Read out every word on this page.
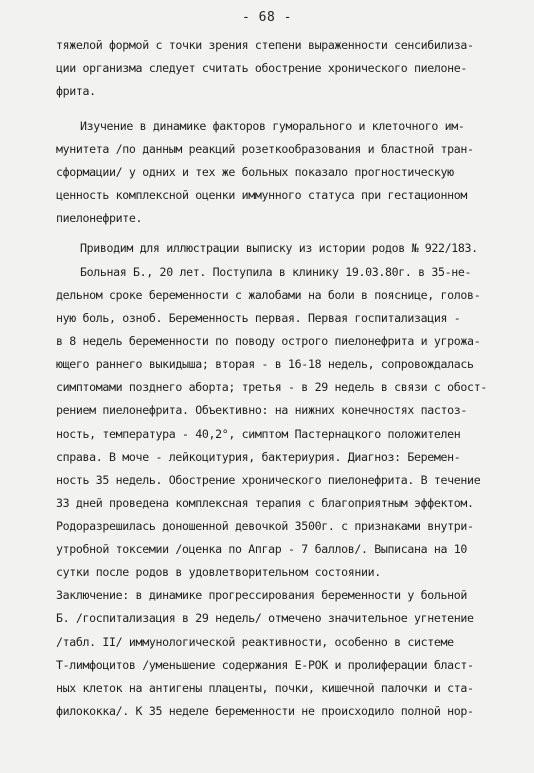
- 68 -
тяжелой формой с точки зрения степени выраженности сенсибилиза-
ции организма следует считать обострение хронического пиелоне-
фрита.
Изучение в динамике факторов гуморального и клеточного им-
мунитета /по данным реакций розеткообразования и бластной тран-
сформации/ у одних и тех же больных показало прогностическую
ценность комплексной оценки иммунного статуса при гестационном
пиелонефрите.
Приводим для иллюстрации выписку из истории родов № 922/183.
Больная Б., 20 лет. Поступила в клинику 19.03.80г. в 35-не-
дельном сроке беременности с жалобами на боли в пояснице, голов-
ную боль, озноб. Беременность первая. Первая госпитализация -
в 8 недель беременности по поводу острого пиелонефрита и угрожа-
ющего раннего выкидыша; вторая - в 16-18 недель, сопровождалась
симптомами позднего аборта; третья - в 29 недель в связи с обост-
рением пиелонефрита. Объективно: на нижних конечностях пастоз-
ность, температура - 40,2°, симптом Пастернацкого положителен
справа. В моче - лейкоцитурия, бактериурия. Диагноз: Беремен-
ность 35 недель. Обострение хронического пиелонефрита. В течение
33 дней проведена комплексная терапия с благоприятным эффектом.
Родоразрешилась доношенной девочкой 3500г. с признаками внутри-
утробной токсемии /оценка по Апгар - 7 баллов/. Выписана на 10
сутки после родов в удовлетворительном состоянии.
Заключение: в динамике прогрессирования беременности у больной
Б. /госпитализация в 29 недель/ отмечено значительное угнетение
/табл. II/ иммунологической реактивности, особенно в системе
Т-лимфоцитов /уменьшение содержания Е-РОК и пролиферации бласт-
ных клеток на антигены плаценты, почки, кишечной палочки и ста-
филококка/. К 35 неделе беременности не происходило полной нор-
